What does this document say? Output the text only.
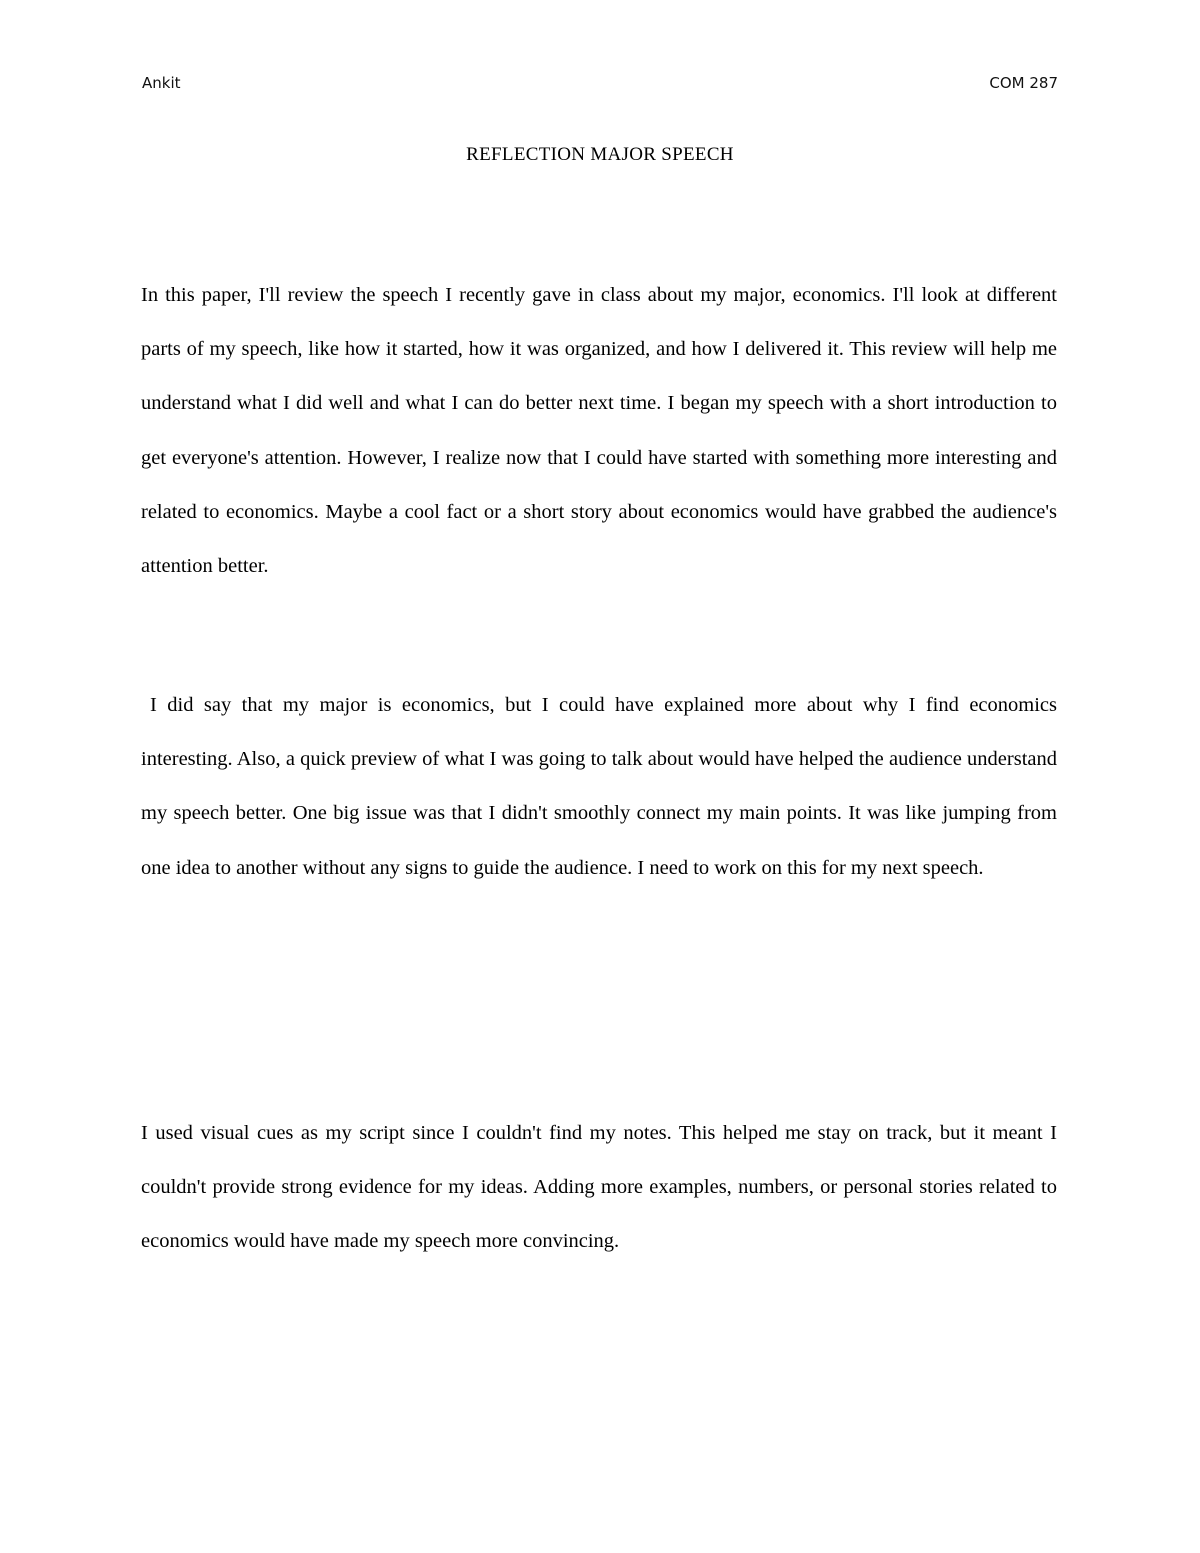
Ankit	COM 287
REFLECTION MAJOR SPEECH

In this paper, I'll review the speech I recently gave in class about my major, economics. I'll look at different parts of my speech, like how it started, how it was organized, and how I delivered it. This review will help me understand what I did well and what I can do better next time. I began my speech with a short introduction to get everyone's attention. However, I realize now that I could have started with something more interesting and related to economics. Maybe a cool fact or a short story about economics would have grabbed the audience's attention better.

I did say that my major is economics, but I could have explained more about why I find economics interesting. Also, a quick preview of what I was going to talk about would have helped the audience understand my speech better. One big issue was that I didn't smoothly connect my main points. It was like jumping from one idea to another without any signs to guide the audience. I need to work on this for my next speech.

I used visual cues as my script since I couldn't find my notes. This helped me stay on track, but it meant I couldn't provide strong evidence for my ideas. Adding more examples, numbers, or personal stories related to economics would have made my speech more convincing.
